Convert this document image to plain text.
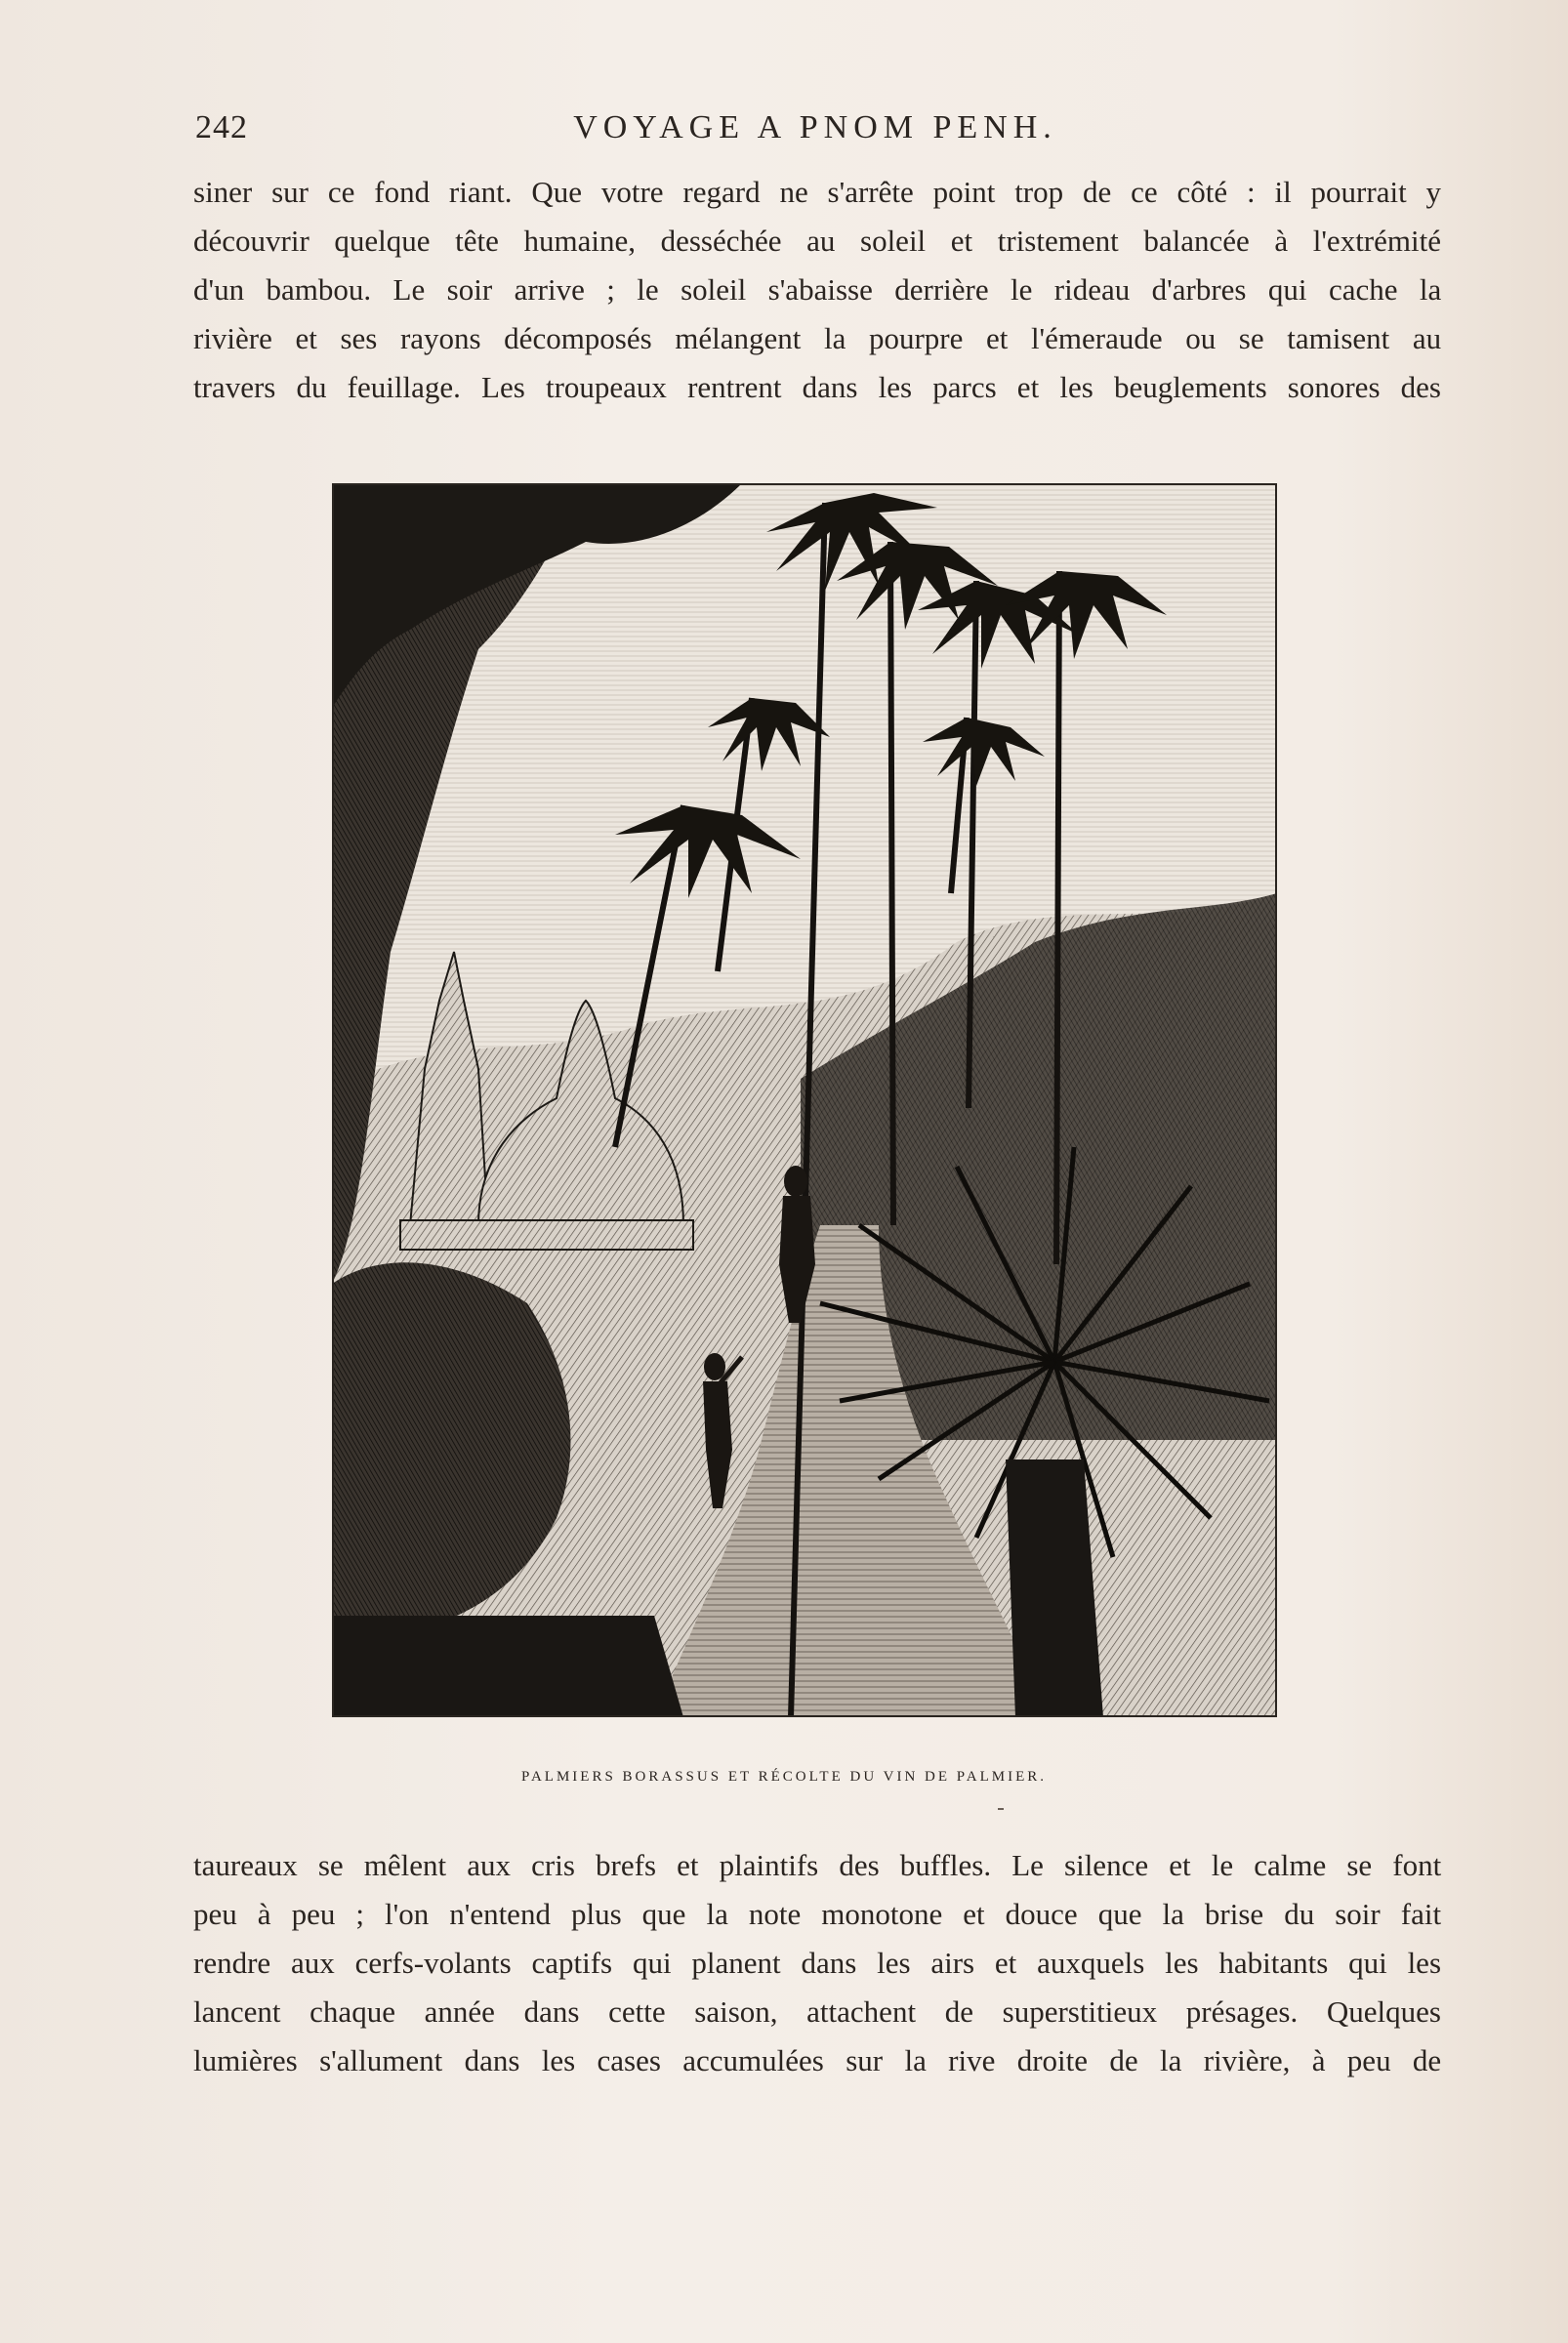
242	VOYAGE A PNOM PENH.
siner sur ce fond riant. Que votre regard ne s'arrête point trop de ce côté : il pourrait y
découvrir quelque tête humaine, desséchée au soleil et tristement balancée à l'extrémité
d'un bambou. Le soir arrive ; le soleil s'abaisse derrière le rideau d'arbres qui cache la
rivière et ses rayons décomposés mélangent la pourpre et l'émeraude ou se tamisent au
travers du feuillage. Les troupeaux rentrent dans les parcs et les beuglements sonores des
PALMIERS BORASSUS ET RÉCOLTE DU VIN DE PALMIER.
taureaux se mêlent aux cris brefs et plaintifs des buffles. Le silence et le calme se font
peu à peu ; l'on n'entend plus que la note monotone et douce que la brise du soir fait
rendre aux cerfs-volants captifs qui planent dans les airs et auxquels les habitants qui les
lancent chaque année dans cette saison, attachent de superstitieux présages. Quelques
lumières s'allument dans les cases accumulées sur la rive droite de la rivière, à peu de
